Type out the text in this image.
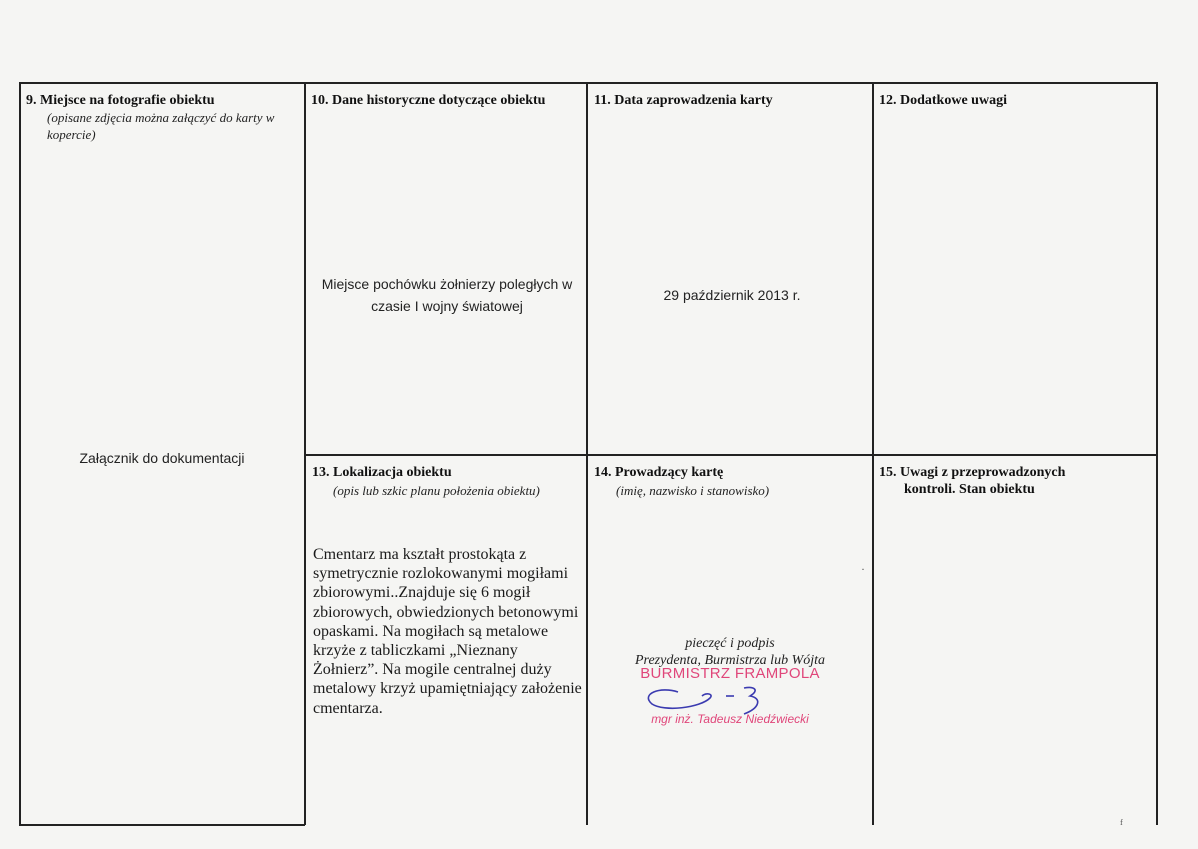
9. Miejsce na fotografie obiektu
(opisane zdjęcia można załączyć do karty w kopercie)
Załącznik do dokumentacji
10. Dane historyczne dotyczące obiektu
Miejsce pochówku żołnierzy poległych w czasie I wojny światowej
11. Data zaprowadzenia karty
29 październik 2013 r.
12. Dodatkowe uwagi
13. Lokalizacja obiektu
(opis lub szkic planu położenia obiektu)
Cmentarz ma kształt prostokąta z symetrycznie rozlokowanymi mogiłami zbiorowymi..Znajduje się 6 mogił zbiorowych, obwiedzionych betonowymi opaskami. Na mogiłach są metalowe krzyże z tabliczkami „Nieznany Żołnierz”. Na mogile centralnej duży metalowy krzyż upamiętniający założenie cmentarza.
14. Prowadzący kartę
(imię, nazwisko i stanowisko)
pieczęć i podpis
Prezydenta, Burmistrza lub Wójta
BURMISTRZ FRAMPOLA
mgr inż. Tadeusz Niedźwiecki
·
15. Uwagi z przeprowadzonych
kontroli. Stan obiektu
ᶠ
